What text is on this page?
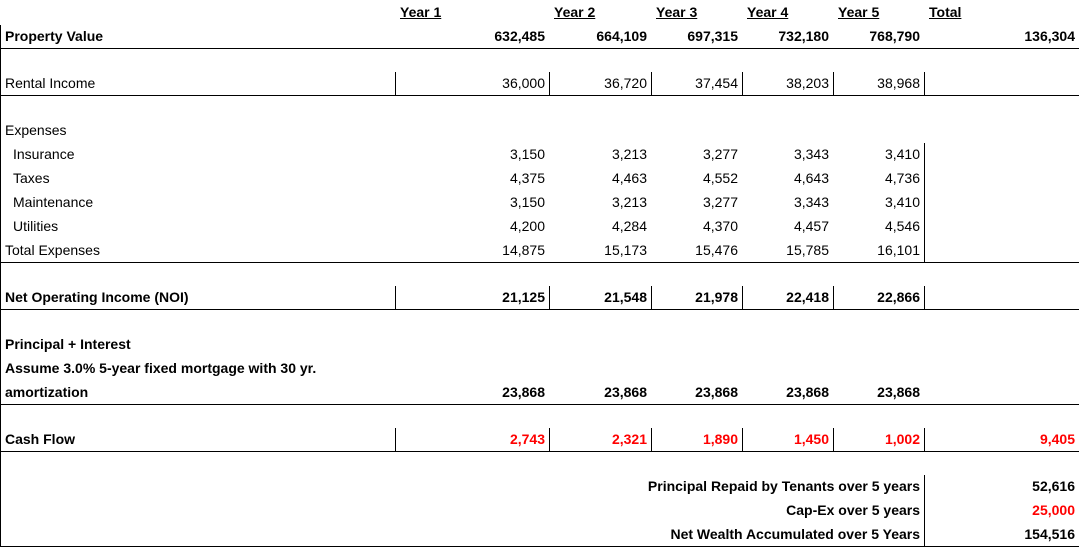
	Year 1	Year 2	Year 3	Year 4	Year 5	Total
Property Value	632,485	664,109	697,315	732,180	768,790	136,304

Rental Income	36,000	36,720	37,454	38,203	38,968	

Expenses						
Insurance	3,150	3,213	3,277	3,343	3,410	
Taxes	4,375	4,463	4,552	4,643	4,736	
Maintenance	3,150	3,213	3,277	3,343	3,410	
Utilities	4,200	4,284	4,370	4,457	4,546	
Total Expenses	14,875	15,173	15,476	15,785	16,101	

Net Operating Income (NOI)	21,125	21,548	21,978	22,418	22,866	

Principal + Interest						
Assume 3.0% 5-year fixed mortgage with 30 yr.						
amortization	23,868	23,868	23,868	23,868	23,868	

Cash Flow	2,743	2,321	1,890	1,450	1,002	9,405

	Principal Repaid by Tenants over 5 years					52,616
	Cap-Ex over 5 years					25,000
	Net Wealth Accumulated over 5 Years					154,516
